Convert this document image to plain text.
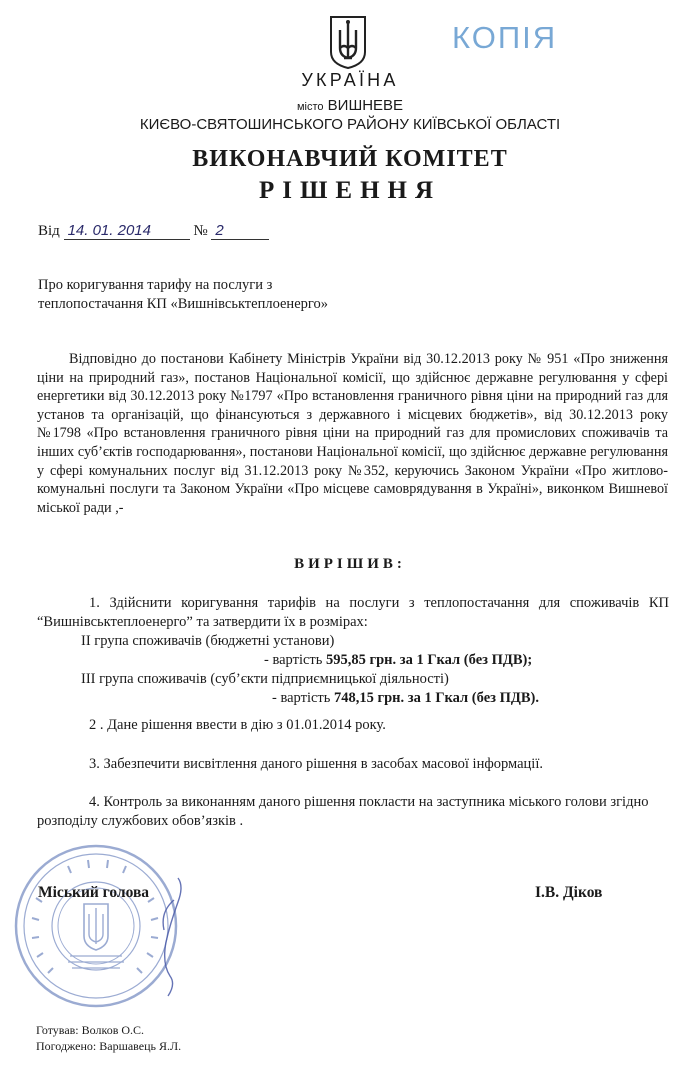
КОПІЯ
УКРАЇНА
місто ВИШНЕВЕ
КИЄВО-СВЯТОШИНСЬКОГО РАЙОНУ КИЇВСЬКОЇ ОБЛАСТІ
ВИКОНАВЧИЙ КОМІТЕТ
РІШЕННЯ
Від 14. 01. 2014	№ 2
Про коригування тарифу на послуги з
теплопостачання КП «Вишнівськтеплоенерго»

Відповідно до постанови Кабінету Міністрів України від 30.12.2013 року № 951 «Про зниження ціни на природний газ», постанов Національної комісії, що здійснює державне регулювання у сфері енергетики від 30.12.2013 року №1797 «Про встановлення граничного рівня ціни на природний газ для установ та організацій, що фінансуються з державного і місцевих бюджетів», від 30.12.2013 року №1798 «Про встановлення граничного рівня ціни на природний газ для промислових споживачів та інших суб’єктів господарювання», постанови Національної комісії, що здійснює державне регулювання у сфері комунальних послуг від 31.12.2013 року №352, керуючись Законом України «Про житлово-комунальні послуги та Законом України «Про місцеве самоврядування в Україні», виконком Вишневої міської ради ,-

ВИРІШИВ:
1. Здійснити коригування тарифів на послуги з теплопостачання для споживачів КП “Вишнівськтеплоенерго” та затвердити їх в розмірах:
II група споживачів (бюджетні установи)
- вартість 595,85 грн. за 1 Гкал (без ПДВ);
III група споживачів (суб’єкти підприємницької діяльності)
- вартість 748,15 грн. за 1 Гкал (без ПДВ).
2 . Дане рішення ввести в дію з 01.01.2014 року.
3. Забезпечити висвітлення даного рішення в засобах масової інформації.
4. Контроль за виконанням даного рішення покласти на заступника міського голови згідно розподілу службових обов’язків .
Міський голова	І.В. Діков
Готував: Волков О.С.
Погоджено: Варшавець Я.Л.
